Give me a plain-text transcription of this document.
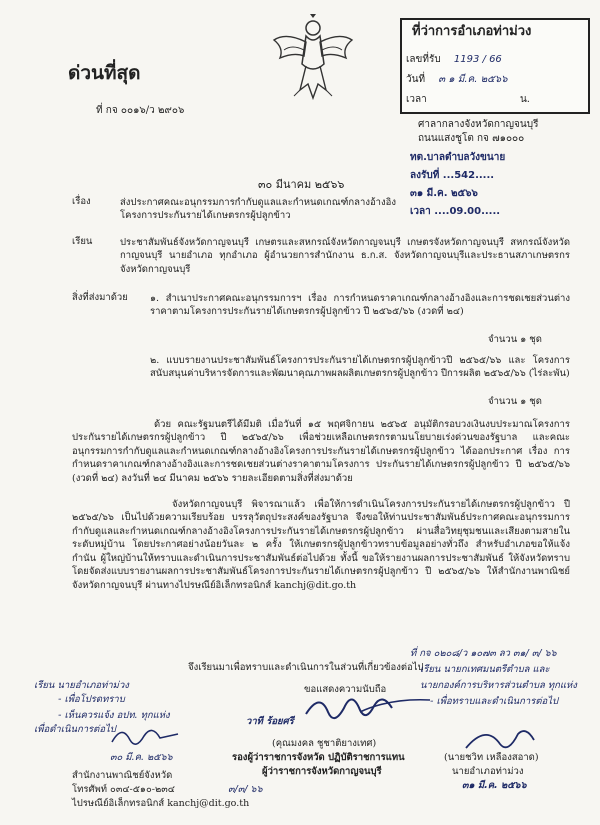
ที่ว่าการอำเภอท่าม่วง
เลขที่รับ 1193 / 66
วันที่ ๓ ๑ มี.ค. ๒๕๖๖
เวลา	น.
ด่วนที่สุด
ที่ กจ ๐๐๑๖/ว ๒๙๐๖
ศาลากลางจังหวัดกาญจนบุรี
ถนนแสงชูโต กจ ๗๑๐๐๐
ทต.บาลตำบลวังขนาย
ลงรับที่ ...542.....
๓๑ มี.ค. ๒๕๖๖
เวลา ....09.00.....
๓๐ มีนาคม ๒๕๖๖
เรื่อง	ส่งประกาศคณะอนุกรรมการกำกับดูแลและกำหนดเกณฑ์กลางอ้างอิงโครงการประกันรายได้เกษตรกรผู้ปลูกข้าว
เรียน	ประชาสัมพันธ์จังหวัดกาญจนบุรี เกษตรและสหกรณ์จังหวัดกาญจนบุรี เกษตรจังหวัดกาญจนบุรี สหกรณ์จังหวัดกาญจนบุรี นายอำเภอ ทุกอำเภอ ผู้อำนวยการสำนักงาน ธ.ก.ส. จังหวัดกาญจนบุรีและประธานสภาเกษตรกรจังหวัดกาญจนบุรี
สิ่งที่ส่งมาด้วย ๑. สำเนาประกาศคณะอนุกรรมการฯ เรื่อง การกำหนดราคาเกณฑ์กลางอ้างอิงและการชดเชยส่วนต่างราคาตามโครงการประกันรายได้เกษตรกรผู้ปลูกข้าว ปี ๒๕๖๕/๖๖ (งวดที่ ๒๔)
จำนวน ๑ ชุด
๒. แบบรายงานประชาสัมพันธ์โครงการประกันรายได้เกษตรกรผู้ปลูกข้าวปี ๒๕๖๕/๖๖ และ โครงการสนับสนุนค่าบริหารจัดการและพัฒนาคุณภาพผลผลิตเกษตรกรผู้ปลูกข้าว ปีการผลิต ๒๕๖๕/๖๖ (ไร่ละพัน)
จำนวน ๑ ชุด
ด้วย คณะรัฐมนตรีได้มีมติ เมื่อวันที่ ๑๕ พฤศจิกายน ๒๕๖๕ อนุมัติกรอบวงเงินงบประมาณโครงการประกันรายได้เกษตรกรผู้ปลูกข้าว ปี ๒๕๖๕/๖๖ เพื่อช่วยเหลือเกษตรกรตามนโยบายเร่งด่วนของรัฐบาล และคณะอนุกรรมการกำกับดูแลและกำหนดเกณฑ์กลางอ้างอิงโครงการประกันรายได้เกษตรกรผู้ปลูกข้าว ได้ออกประกาศ เรื่อง การกำหนดราคาเกณฑ์กลางอ้างอิงและการชดเชยส่วนต่างราคาตามโครงการ ประกันรายได้เกษตรกรผู้ปลูกข้าว ปี ๒๕๖๕/๖๖ (งวดที่ ๒๔) ลงวันที่ ๒๔ มีนาคม ๒๕๖๖ รายละเอียดตามสิ่งที่ส่งมาด้วย
จังหวัดกาญจนบุรี พิจารณาแล้ว เพื่อให้การดำเนินโครงการประกันรายได้เกษตรกรผู้ปลูกข้าว ปี ๒๕๖๕/๖๖ เป็นไปด้วยความเรียบร้อย บรรลุวัตถุประสงค์ของรัฐบาล จึงขอให้ท่านประชาสัมพันธ์ประกาศคณะอนุกรรมการกำกับดูแลและกำหนดเกณฑ์กลางอ้างอิงโครงการประกันรายได้เกษตรกรผู้ปลูกข้าว ผ่านสื่อวิทยุชุมชนและเสียงตามสายในระดับหมู่บ้าน โดยประกาศอย่างน้อยวันละ ๒ ครั้ง ให้เกษตรกรผู้ปลูกข้าวทราบข้อมูลอย่างทั่วถึง สำหรับอำเภอขอให้แจ้งกำนัน ผู้ใหญ่บ้านให้ทราบและดำเนินการประชาสัมพันธ์ต่อไปด้วย ทั้งนี้ ขอให้รายงานผลการประชาสัมพันธ์ ให้จังหวัดทราบ โดยจัดส่งแบบรายงานผลการประชาสัมพันธ์โครงการประกันรายได้เกษตรกรผู้ปลูกข้าว ปี ๒๕๖๕/๖๖ ให้สำนักงานพาณิชย์จังหวัดกาญจนบุรี ผ่านทางไปรษณีย์อิเล็กทรอนิกส์ kanchj@dit.go.th
จึงเรียนมาเพื่อทราบและดำเนินการในส่วนที่เกี่ยวข้องต่อไป
ขอแสดงความนับถือ
วาที ร้อยศรี
(คุณมงคล ชูชาติยางเทศ)
รองผู้ว่าราชการจังหวัด ปฏิบัติราชการแทน
ผู้ว่าราชการจังหวัดกาญจนบุรี
เรียน นายอำเภอท่าม่วง
- เพื่อโปรดทราบ
- เห็นควรแจ้ง อปท. ทุกแห่ง
เพื่อดำเนินการต่อไป
๓๐ มี.ค. ๒๕๖๖
๓/๓/ ๖๖
สำนักงานพาณิชย์จังหวัด
โทรศัพท์ ๐๓๔-๕๑๐-๒๓๔
ไปรษณีย์อิเล็กทรอนิกส์ kanchj@dit.go.th
ที่ กจ ๐๒๐๘/ว ๑๐๗๓ ลว ๓๑/ ๓/ ๖๖
เรียน นายกเทศมนตรีตำบล และ
นายกองค์การบริหารส่วนตำบล ทุกแห่ง
- เพื่อทราบและดำเนินการต่อไป
(นายชวิท เหลืองสอาด)
นายอำเภอท่าม่วง
๓๑ มี.ค. ๒๕๖๖
